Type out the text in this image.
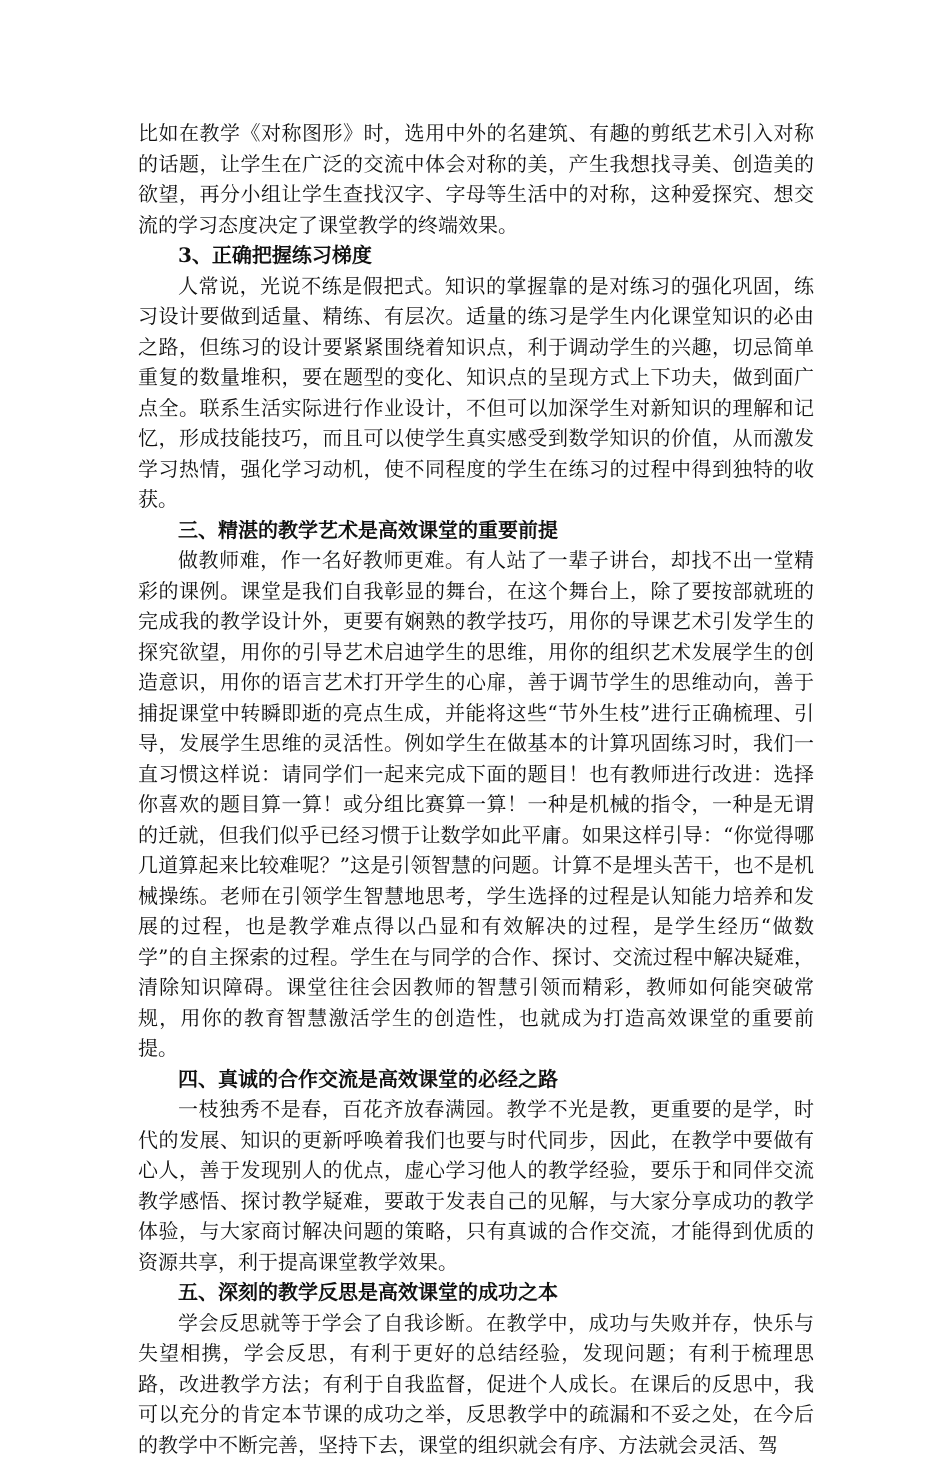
比如在教学《对称图形》时，选用中外的名建筑、有趣的剪纸艺术引入对称的话题，让学生在广泛的交流中体会对称的美，产生我想找寻美、创造美的欲望，再分小组让学生查找汉字、字母等生活中的对称，这种爱探究、想交流的学习态度决定了课堂教学的终端效果。

3、正确把握练习梯度

人常说，光说不练是假把式。知识的掌握靠的是对练习的强化巩固，练习设计要做到适量、精练、有层次。适量的练习是学生内化课堂知识的必由之路，但练习的设计要紧紧围绕着知识点，利于调动学生的兴趣，切忌简单重复的数量堆积，要在题型的变化、知识点的呈现方式上下功夫，做到面广点全。联系生活实际进行作业设计，不但可以加深学生对新知识的理解和记忆，形成技能技巧，而且可以使学生真实感受到数学知识的价值，从而激发学习热情，强化学习动机，使不同程度的学生在练习的过程中得到独特的收获。

三、精湛的教学艺术是高效课堂的重要前提

做教师难，作一名好教师更难。有人站了一辈子讲台，却找不出一堂精彩的课例。课堂是我们自我彰显的舞台，在这个舞台上，除了要按部就班的完成我的教学设计外，更要有娴熟的教学技巧，用你的导课艺术引发学生的探究欲望，用你的引导艺术启迪学生的思维，用你的组织艺术发展学生的创造意识，用你的语言艺术打开学生的心扉，善于调节学生的思维动向，善于捕捉课堂中转瞬即逝的亮点生成，并能将这些“节外生枝”进行正确梳理、引导，发展学生思维的灵活性。例如学生在做基本的计算巩固练习时，我们一直习惯这样说：请同学们一起来完成下面的题目！也有教师进行改进：选择你喜欢的题目算一算！或分组比赛算一算！一种是机械的指令，一种是无谓的迁就，但我们似乎已经习惯于让数学如此平庸。如果这样引导：“你觉得哪几道算起来比较难呢？”这是引领智慧的问题。计算不是埋头苦干，也不是机械操练。老师在引领学生智慧地思考，学生选择的过程是认知能力培养和发展的过程，也是教学难点得以凸显和有效解决的过程，是学生经历“做数学”的自主探索的过程。学生在与同学的合作、探讨、交流过程中解决疑难，清除知识障碍。课堂往往会因教师的智慧引领而精彩，教师如何能突破常规，用你的教育智慧激活学生的创造性，也就成为打造高效课堂的重要前提。

四、真诚的合作交流是高效课堂的必经之路

一枝独秀不是春，百花齐放春满园。教学不光是教，更重要的是学，时代的发展、知识的更新呼唤着我们也要与时代同步，因此，在教学中要做有心人，善于发现别人的优点，虚心学习他人的教学经验，要乐于和同伴交流教学感悟、探讨教学疑难，要敢于发表自己的见解，与大家分享成功的教学体验，与大家商讨解决问题的策略，只有真诚的合作交流，才能得到优质的资源共享，利于提高课堂教学效果。

五、深刻的教学反思是高效课堂的成功之本

学会反思就等于学会了自我诊断。在教学中，成功与失败并存，快乐与失望相携，学会反思，有利于更好的总结经验，发现问题；有利于梳理思路，改进教学方法；有利于自我监督，促进个人成长。在课后的反思中，我可以充分的肯定本节课的成功之举，反思教学中的疏漏和不妥之处，在今后的教学中不断完善，坚持下去，课堂的组织就会有序、方法就会灵活、驾
